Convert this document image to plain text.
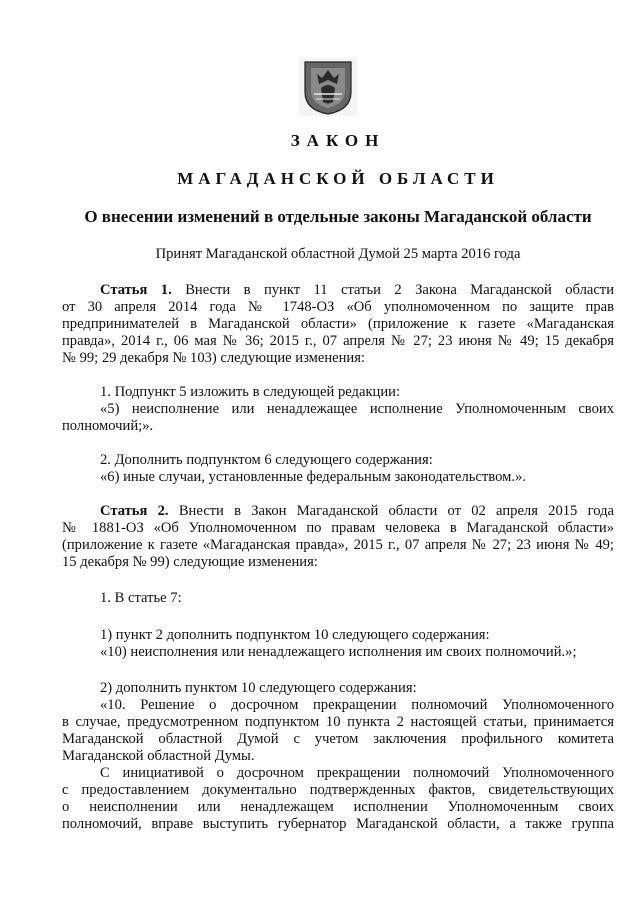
ЗАКОН
МАГАДАНСКОЙ ОБЛАСТИ
О внесении изменений в отдельные законы Магаданской области
Принят Магаданской областной Думой 25 марта 2016 года
Статья 1. Внести в пункт 11 статьи 2 Закона Магаданской области
от 30 апреля 2014 года № 1748-ОЗ «Об уполномоченном по защите прав
предпринимателей в Магаданской области» (приложение к газете «Магаданская
правда», 2014 г., 06 мая № 36; 2015 г., 07 апреля № 27; 23 июня № 49; 15 декабря
№ 99; 29 декабря № 103) следующие изменения:
1. Подпункт 5 изложить в следующей редакции:
«5) неисполнение или ненадлежащее исполнение Уполномоченным своих
полномочий;».
2. Дополнить подпунктом 6 следующего содержания:
«6) иные случаи, установленные федеральным законодательством.».
Статья 2. Внести в Закон Магаданской области от 02 апреля 2015 года
№ 1881-ОЗ «Об Уполномоченном по правам человека в Магаданской области»
(приложение к газете «Магаданская правда», 2015 г., 07 апреля № 27; 23 июня № 49;
15 декабря № 99) следующие изменения:
1. В статье 7:
1) пункт 2 дополнить подпунктом 10 следующего содержания:
«10) неисполнения или ненадлежащего исполнения им своих полномочий.»;
2) дополнить пунктом 10 следующего содержания:
«10. Решение о досрочном прекращении полномочий Уполномоченного
в случае, предусмотренном подпунктом 10 пункта 2 настоящей статьи, принимается
Магаданской областной Думой с учетом заключения профильного комитета
Магаданской областной Думы.
С инициативой о досрочном прекращении полномочий Уполномоченного
с предоставлением документально подтвержденных фактов, свидетельствующих
о неисполнении или ненадлежащем исполнении Уполномоченным своих
полномочий, вправе выступить губернатор Магаданской области, а также группа
